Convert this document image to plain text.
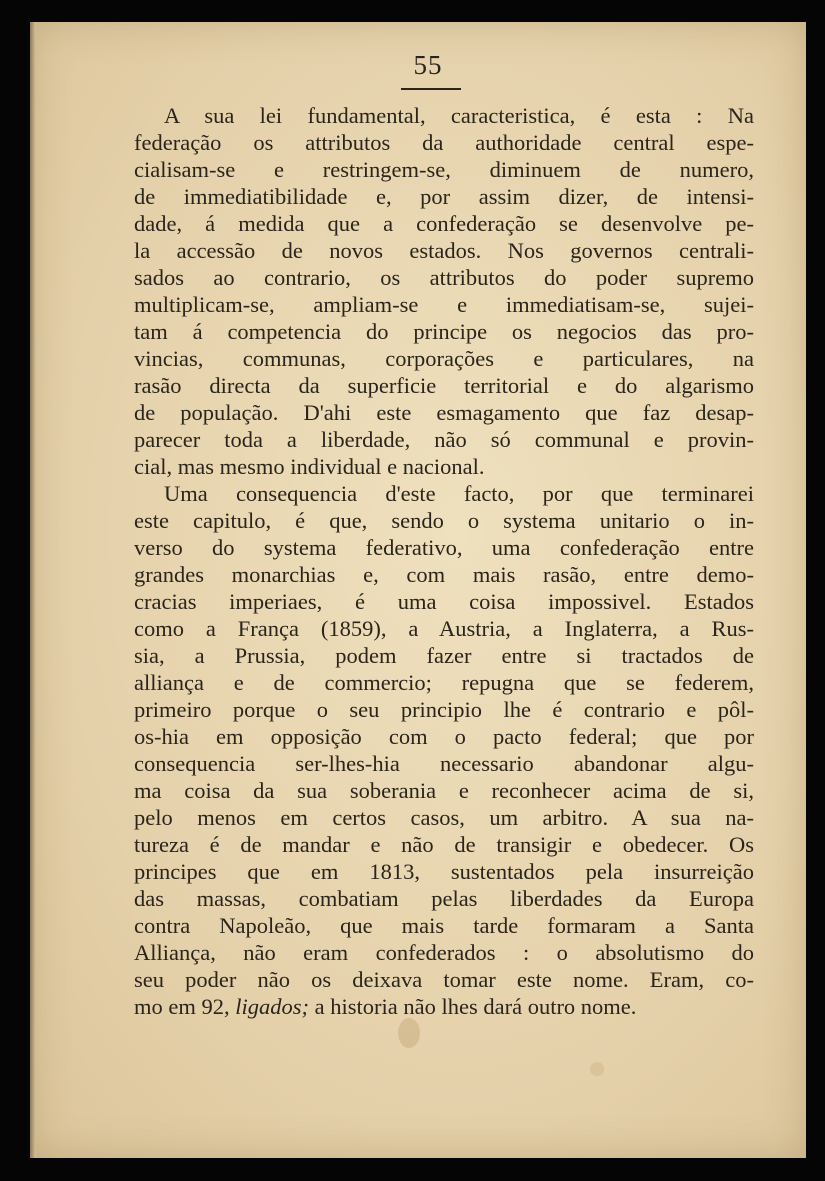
55
A sua lei fundamental, caracteristica, é esta : Na
federação os attributos da authoridade central espe-
cialisam-se e restringem-se, diminuem de numero,
de immediatibilidade e, por assim dizer, de intensi-
dade, á medida que a confederação se desenvolve pe-
la accessão de novos estados. Nos governos centrali-
sados ao contrario, os attributos do poder supremo
multiplicam-se, ampliam-se e immediatisam-se, sujei-
tam á competencia do principe os negocios das pro-
vincias, communas, corporações e particulares, na
rasão directa da superficie territorial e do algarismo
de população. D'ahi este esmagamento que faz desap-
parecer toda a liberdade, não só communal e provin-
cial, mas mesmo individual e nacional.
Uma consequencia d'este facto, por que terminarei
este capitulo, é que, sendo o systema unitario o in-
verso do systema federativo, uma confederação entre
grandes monarchias e, com mais rasão, entre demo-
cracias imperiaes, é uma coisa impossivel. Estados
como a França (1859), a Austria, a Inglaterra, a Rus-
sia, a Prussia, podem fazer entre si tractados de
alliança e de commercio; repugna que se federem,
primeiro porque o seu principio lhe é contrario e pôl-
os-hia em opposição com o pacto federal; que por
consequencia ser-lhes-hia necessario abandonar algu-
ma coisa da sua soberania e reconhecer acima de si,
pelo menos em certos casos, um arbitro. A sua na-
tureza é de mandar e não de transigir e obedecer. Os
principes que em 1813, sustentados pela insurreição
das massas, combatiam pelas liberdades da Europa
contra Napoleão, que mais tarde formaram a Santa
Alliança, não eram confederados : o absolutismo do
seu poder não os deixava tomar este nome. Eram, co-
mo em 92, ligados; a historia não lhes dará outro nome.
